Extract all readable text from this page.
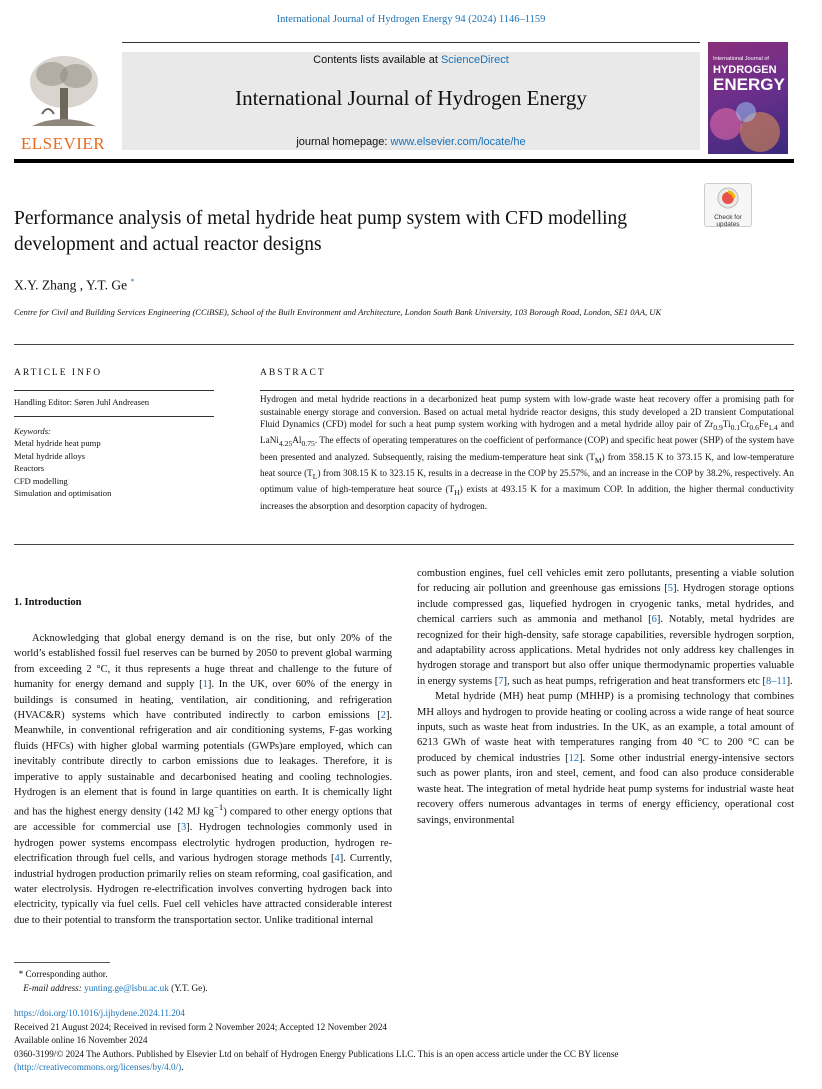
International Journal of Hydrogen Energy 94 (2024) 1146–1159
ELSEVIER
Contents lists available at ScienceDirect
International Journal of Hydrogen Energy
journal homepage: www.elsevier.com/locate/he
International Journal of
HYDROGEN
ENERGY
Check for updates
Performance analysis of metal hydride heat pump system with CFD modelling development and actual reactor designs
X.Y. Zhang , Y.T. Ge *
Centre for Civil and Building Services Engineering (CCiBSE), School of the Built Environment and Architecture, London South Bank University, 103 Borough Road, London, SE1 0AA, UK
ARTICLE INFO	ABSTRACT
Handling Editor: Søren Juhl Andreasen
Keywords:
Metal hydride heat pump
Metal hydride alloys
Reactors
CFD modelling
Simulation and optimisation

Hydrogen and metal hydride reactions in a decarbonized heat pump system with low-grade waste heat recovery offer a promising path for sustainable energy storage and conversion. Based on actual metal hydride reactor designs, this study developed a 2D transient Computational Fluid Dynamics (CFD) model for such a heat pump system working with hydrogen and a metal hydride alloy pair of $Zr_{0.9}Ti_{0.1}Cr_{0.6}Fe_{1.4}$ and $LaNi_{4.25}Al_{0.75}$. The effects of operating temperatures on the coefficient of performance (COP) and specific heat power (SHP) of the system have been presented and analyzed. Subsequently, raising the medium-temperature heat sink $(T_M)$ from 358.15 K to 373.15 K, and low-temperature heat source $(T_L)$ from 308.15 K to 323.15 K, results in a decrease in the COP by 25.57%, and an increase in the COP by 38.2%, respectively. An optimum value of high-temperature heat source $(T_H)$ exists at 493.15 K for a maximum COP. In addition, the higher thermal conductivity increases the absorption and desorption capacity of hydrogen.

1. Introduction

Acknowledging that global energy demand is on the rise, but only 20% of the world’s established fossil fuel reserves can be burned by 2050 to prevent global warming from exceeding 2 °C, it thus represents a huge threat and challenge to the future of humanity for energy demand and supply [1]. In the UK, over 60% of the energy in buildings is consumed in heating, ventilation, air conditioning, and refrigeration (HVAC&R) systems which have contributed indirectly to carbon emissions [2]. Meanwhile, in conventional refrigeration and air conditioning systems, F-gas working fluids (HFCs) with higher global warming potentials (GWPs)are employed, which can inevitably contribute directly to carbon emissions due to leakages. Therefore, it is imperative to apply sustainable and decarbonised heating and cooling technologies. Hydrogen is an element that is found in large quantities on earth. It is chemically light and has the highest energy density (142 MJ $kg^{-1}$) compared to other energy options that are accessible for commercial use [3]. Hydrogen technologies commonly used in hydrogen power systems encompass electrolytic hydrogen production, hydrogen re-electrification through fuel cells, and various hydrogen storage methods [4]. Currently, industrial hydrogen production primarily relies on steam reforming, coal gasification, and water electrolysis. Hydrogen re-electrification involves converting hydrogen back into electricity, typically via fuel cells. Fuel cell vehicles have attracted considerable interest due to their potential to transform the transportation sector. Unlike traditional internal

combustion engines, fuel cell vehicles emit zero pollutants, presenting a viable solution for reducing air pollution and greenhouse gas emissions [5]. Hydrogen storage options include compressed gas, liquefied hydrogen in cryogenic tanks, metal hydrides, and chemical carriers such as ammonia and methanol [6]. Notably, metal hydrides are recognized for their high-density, safe storage capabilities, reversible hydrogen sorption, and adaptability across applications. Metal hydrides not only address key challenges in hydrogen storage and transport but also offer unique thermodynamic properties valuable in energy systems [7], such as heat pumps, refrigeration and heat transformers etc [8–11].

Metal hydride (MH) heat pump (MHHP) is a promising technology that combines MH alloys and hydrogen to provide heating or cooling across a wide range of heat source inputs, such as waste heat from industries. In the UK, as an example, a total amount of 6213 GWh of waste heat with temperatures ranging from 40 °C to 200 °C can be produced by chemical industries [12]. Some other industrial energy-intensive sectors such as power plants, iron and steel, cement, and food can also produce considerable waste heat. The integration of metal hydride heat pump systems for industrial waste heat recovery offers numerous advantages in terms of energy efficiency, operational cost savings, environmental

* Corresponding author.
E-mail address: yunting.ge@lsbu.ac.uk (Y.T. Ge).
https://doi.org/10.1016/j.ijhydene.2024.11.204
Received 21 August 2024; Received in revised form 2 November 2024; Accepted 12 November 2024
Available online 16 November 2024
0360-3199/© 2024 The Authors. Published by Elsevier Ltd on behalf of Hydrogen Energy Publications LLC. This is an open access article under the CC BY license
(http://creativecommons.org/licenses/by/4.0/).
